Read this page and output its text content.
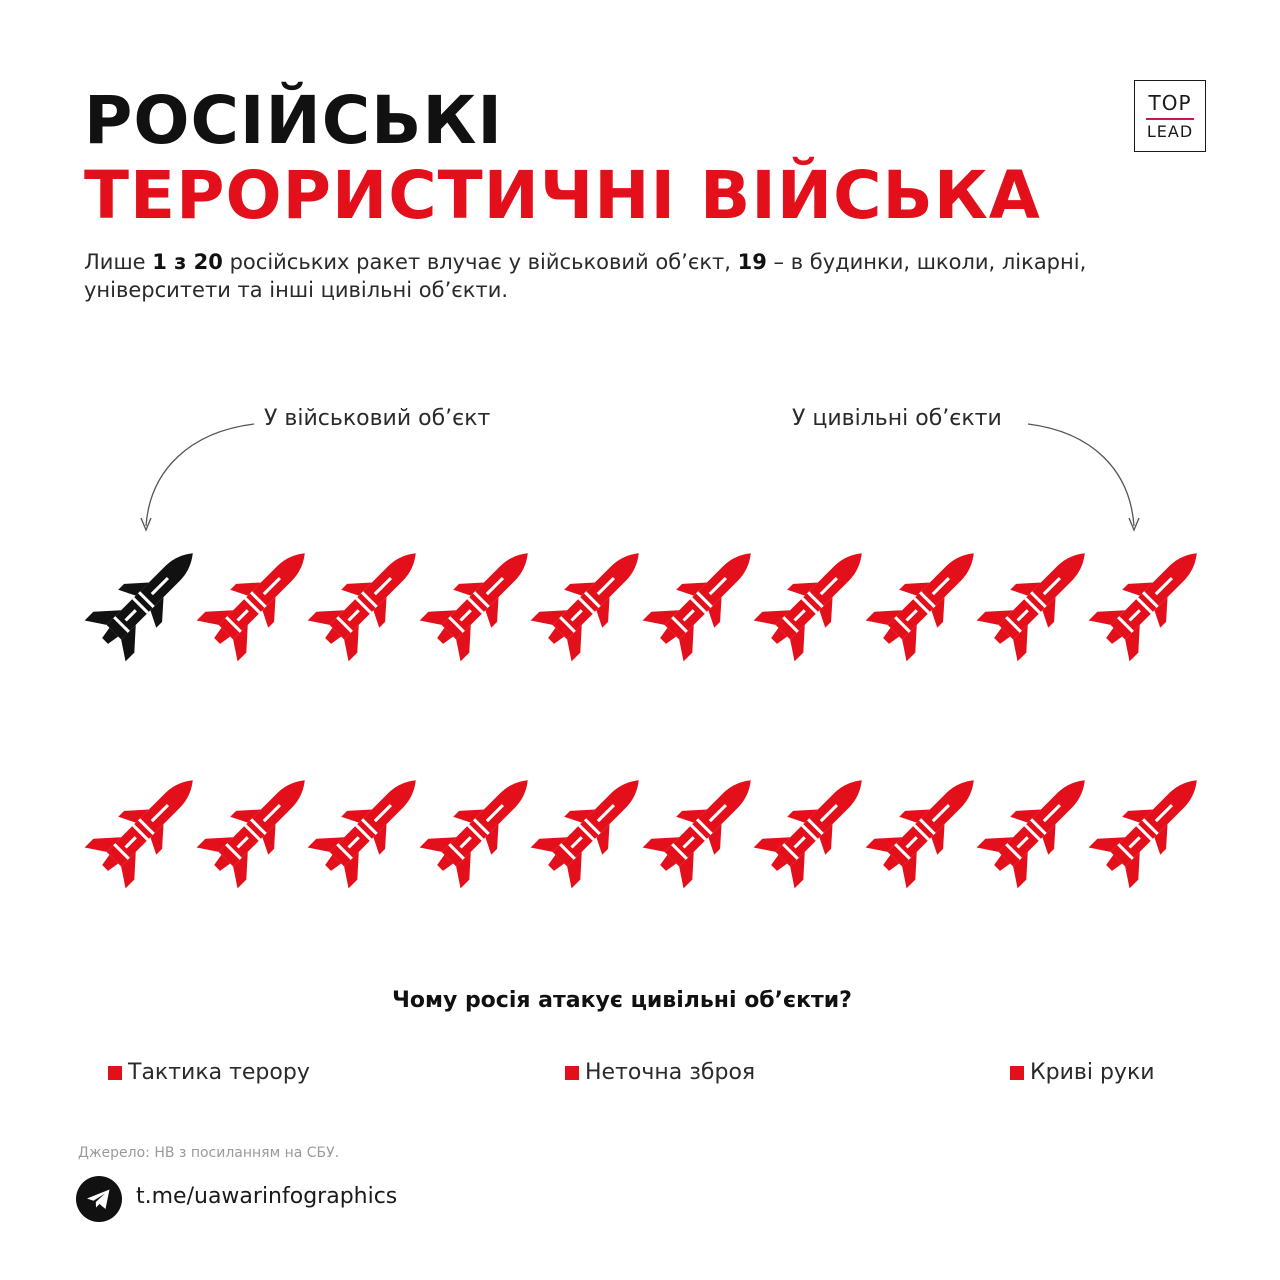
РОСІЙСЬКІ
ТЕРОРИСТИЧНІ ВІЙСЬКА
TOP
LEAD

Лише 1 з 20 російських ракет влучає у військовий об’єкт, 19 – в будинки, школи, лікарні, університети та інші цивільні об’єкти.

У військовий об’єкт	У цивільні об’єкти
Чому росія атакує цивільні об’єкти?
Тактика терору	Неточна зброя	Криві руки
Джерело: НВ з посиланням на СБУ.
t.me/uawarinfographics
